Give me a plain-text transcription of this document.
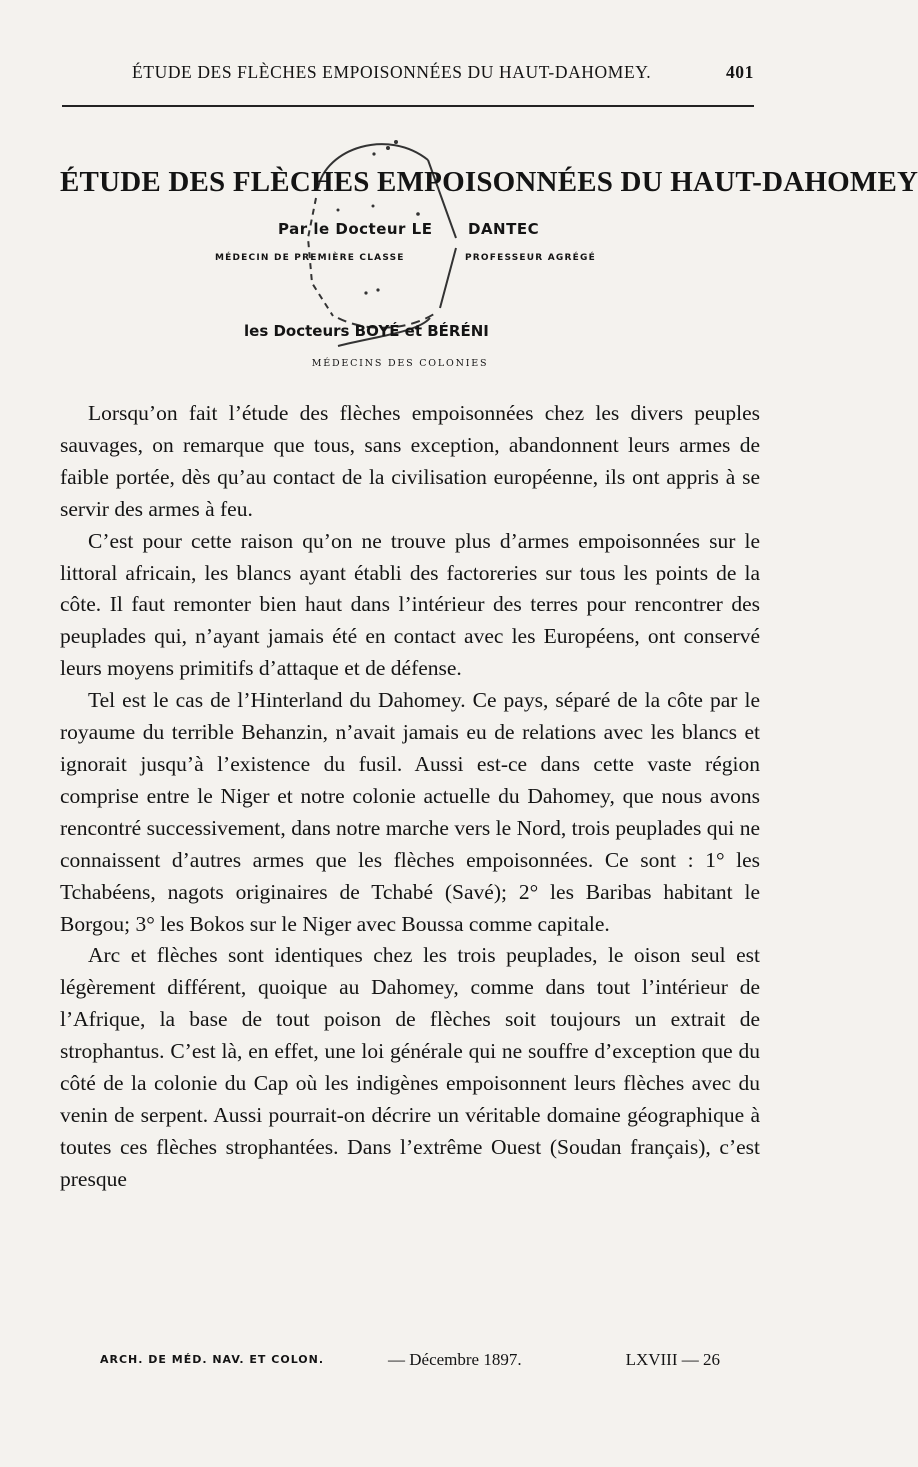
ÉTUDE DES FLÈCHES EMPOISONNÉES DU HAUT-DAHOMEY.	401
ÉTUDE DES FLÈCHES EMPOISONNÉES DU HAUT-DAHOMEY
Par le Docteur LE DANTEC
MÉDECIN DE PREMIÈRE CLASSE	PROFESSEUR AGRÉGÉ
les Docteurs BOYÉ et BÉRÉNI
MÉDECINS DES COLONIES

Lorsqu’on fait l’étude des flèches empoisonnées chez les divers peuples sauvages, on remarque que tous, sans exception, abandonnent leurs armes de faible portée, dès qu’au contact de la civilisation européenne, ils ont appris à se servir des armes à feu.

C’est pour cette raison qu’on ne trouve plus d’armes empoisonnées sur le littoral africain, les blancs ayant établi des factoreries sur tous les points de la côte. Il faut remonter bien haut dans l’intérieur des terres pour rencontrer des peuplades qui, n’ayant jamais été en contact avec les Européens, ont conservé leurs moyens primitifs d’attaque et de défense.

Tel est le cas de l’Hinterland du Dahomey. Ce pays, séparé de la côte par le royaume du terrible Behanzin, n’avait jamais eu de relations avec les blancs et ignorait jusqu’à l’existence du fusil. Aussi est-ce dans cette vaste région comprise entre le Niger et notre colonie actuelle du Dahomey, que nous avons rencontré successivement, dans notre marche vers le Nord, trois peuplades qui ne connaissent d’autres armes que les flèches empoisonnées. Ce sont : 1° les Tchabéens, nagots originaires de Tchabé (Savé); 2° les Baribas habitant le Borgou; 3° les Bokos sur le Niger avec Boussa comme capitale.

Arc et flèches sont identiques chez les trois peuplades, le oison seul est légèrement différent, quoique au Dahomey, comme dans tout l’intérieur de l’Afrique, la base de tout poison de flèches soit toujours un extrait de strophantus. C’est là, en effet, une loi générale qui ne souffre d’exception que du côté de la colonie du Cap où les indigènes empoisonnent leurs flèches avec du venin de serpent. Aussi pourrait-on décrire un véritable domaine géographique à toutes ces flèches strophantées. Dans l’extrême Ouest (Soudan français), c’est presque

ARCH. DE MÉD. NAV. ET COLON.	— Décembre 1897.	LXVIII — 26
